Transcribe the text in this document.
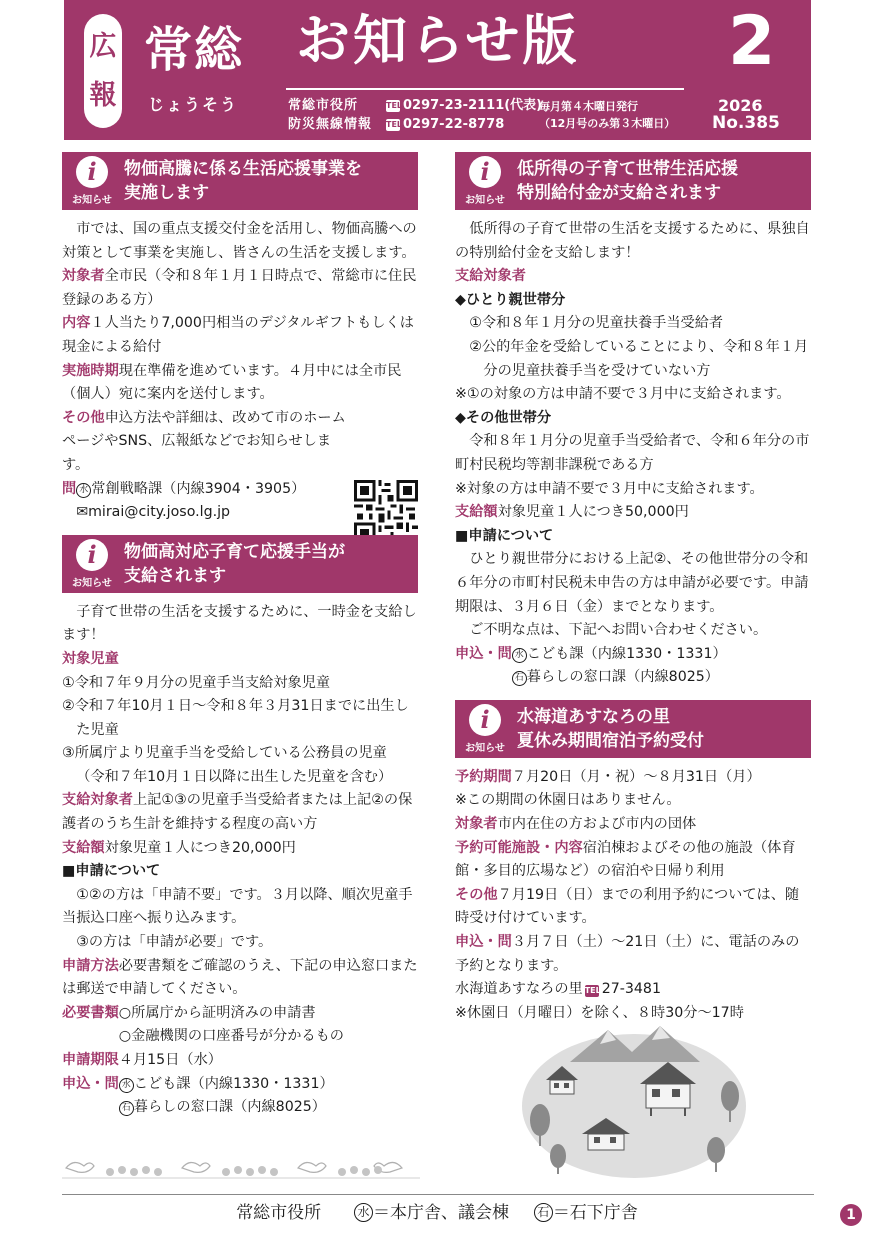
広
報
常総
じょうそう
お知らせ版
常総市役所	TEL 0297-23-2111(代表)
防災無線情報	TEL 0297-22-8778
毎月第４木曜日発行
（12月号のみ第３木曜日）
2
2026
No.385
i
お知らせ
物価高騰に係る生活応援事業を
実施します

市では、国の重点支援交付金を活用し、物価高騰への対策として事業を実施し、皆さんの生活を支援します。

対象者全市民（令和８年１月１日時点で、常総市に住民登録のある方）

内容１人当たり7,000円相当のデジタルギフトもしくは現金による給付

実施時期現在準備を進めています。４月中には全市民（個人）宛に案内を送付します。

その他申込方法や詳細は、改めて市のホームページやSNS、広報紙などでお知らせします。

問 水 常創戦略課（内線3904・3905）

✉mirai@city.joso.lg.jp

i
お知らせ
物価高対応子育て応援手当が
支給されます

子育て世帯の生活を支援するために、一時金を支給します！

対象児童

①令和７年９月分の児童手当支給対象児童

②令和７年10月１日～令和８年３月31日までに出生した児童

③所属庁より児童手当を受給している公務員の児童

（令和７年10月１日以降に出生した児童を含む）

支給対象者上記①③の児童手当受給者または上記②の保護者のうち生計を維持する程度の高い方

支給額対象児童１人につき20,000円

■申請について

①②の方は「申請不要」です。３月以降、順次児童手当振込口座へ振り込みます。

③の方は「申請が必要」です。

申請方法必要書類をご確認のうえ、下記の申込窓口または郵送で申請してください。

必要書類○所属庁から証明済みの申請書

○金融機関の口座番号が分かるもの

申請期限４月15日（水）

申込・問 水 こども課（内線1330・1331）

石 暮らしの窓口課（内線8025）

i
お知らせ
低所得の子育て世帯生活応援
特別給付金が支給されます

低所得の子育て世帯の生活を支援するために、県独自の特別給付金を支給します！

支給対象者

◆ひとり親世帯分

①令和８年１月分の児童扶養手当受給者

②公的年金を受給していることにより、令和８年１月分の児童扶養手当を受けていない方

※①の対象の方は申請不要で３月中に支給されます。

◆その他世帯分

令和８年１月分の児童手当受給者で、令和６年分の市町村民税均等割非課税である方

※対象の方は申請不要で３月中に支給されます。

支給額対象児童１人につき50,000円

■申請について

ひとり親世帯分における上記②、その他世帯分の令和６年分の市町村民税未申告の方は申請が必要です。申請期限は、３月６日（金）までとなります。

ご不明な点は、下記へお問い合わせください。

申込・問 水 こども課（内線1330・1331）

石 暮らしの窓口課（内線8025）

i
お知らせ
水海道あすなろの里
夏休み期間宿泊予約受付

予約期間７月20日（月・祝）～８月31日（月）

※この期間の休園日はありません。

対象者市内在住の方および市内の団体

予約可能施設・内容宿泊棟およびその他の施設（体育館・多目的広場など）の宿泊や日帰り利用

その他７月19日（日）までの利用予約については、随時受け付けています。

申込・問３月７日（土）～21日（土）に、電話のみの予約となります。

水海道あすなろの里 TEL27-3481

※休園日（月曜日）を除く、８時30分～17時

常総市役所	水 ＝本庁舎、議会棟 石 ＝石下庁舎	1
